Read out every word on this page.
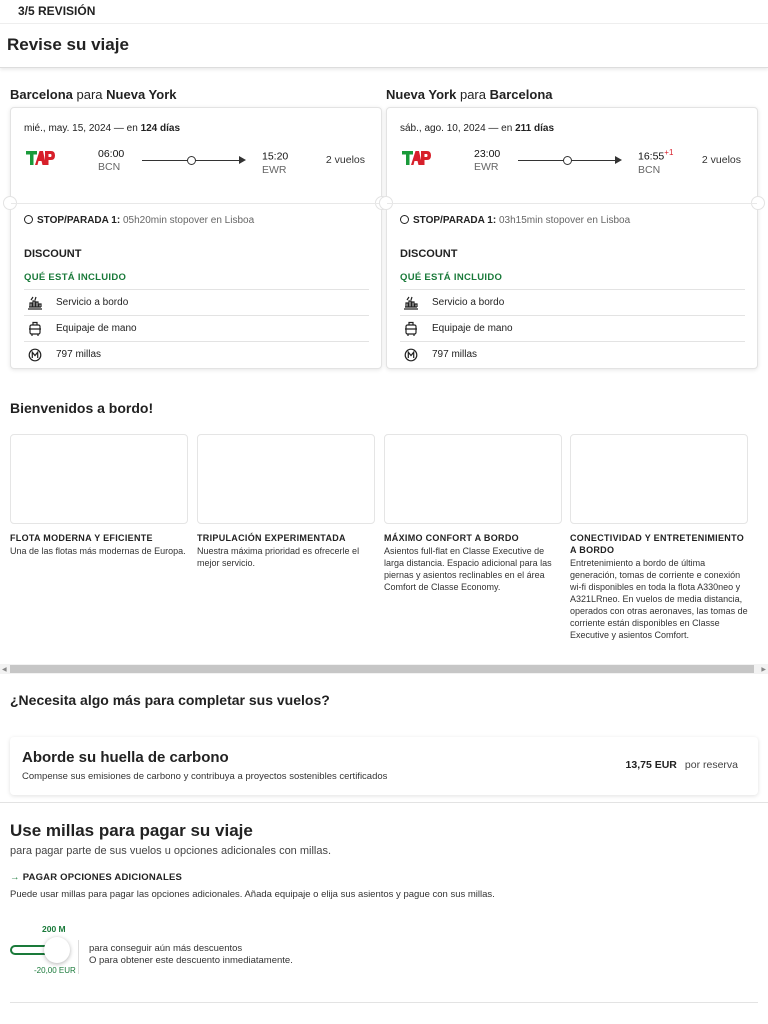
3/5 REVISIÓN
Revise su viaje
Barcelona para Nueva York
mié., may. 15, 2024 — en 124 días
06:00
BCN
15:20
EWR
2 vuelos
STOP/PARADA 1: 05h20min stopover en Lisboa
DISCOUNT
QUÉ ESTÁ INCLUIDO
Servicio a bordo
Equipaje de mano
797 millas
Nueva York para Barcelona
sáb., ago. 10, 2024 — en 211 días
23:00
EWR
$16:55^{+1}$
BCN
2 vuelos
STOP/PARADA 1: 03h15min stopover en Lisboa
DISCOUNT
QUÉ ESTÁ INCLUIDO
Servicio a bordo
Equipaje de mano
797 millas
Bienvenidos a bordo!
FLOTA MODERNA Y EFICIENTE
Una de las flotas más modernas de Europa.
TRIPULACIÓN EXPERIMENTADA
Nuestra máxima prioridad es ofrecerle el mejor servicio.
MÁXIMO CONFORT A BORDO
Asientos full-flat en Classe Executive de larga distancia. Espacio adicional para las piernas y asientos reclinables en el área Comfort de Classe Economy.
CONECTIVIDAD Y ENTRETENIMIENTO A BORDO
Entretenimiento a bordo de última generación, tomas de corriente e conexión wi-fi disponibles en toda la flota A330neo y A321LRneo. En vuelos de media distancia, operados con otras aeronaves, las tomas de corriente están disponibles en Classe Executive y asientos Comfort.
◀	▶
¿Necesita algo más para completar sus vuelos?
Aborde su huella de carbono
Compense sus emisiones de carbono y contribuya a proyectos sostenibles certificados
13,75 EUR por reserva
Use millas para pagar su viaje
para pagar parte de sus vuelos u opciones adicionales con millas.
→ PAGAR OPCIONES ADICIONALES
Puede usar millas para pagar las opciones adicionales. Añada equipaje o elija sus asientos y pague con sus millas.
200 M
-20,00 EUR
para conseguir aún más descuentos
O para obtener este descuento inmediatamente.
